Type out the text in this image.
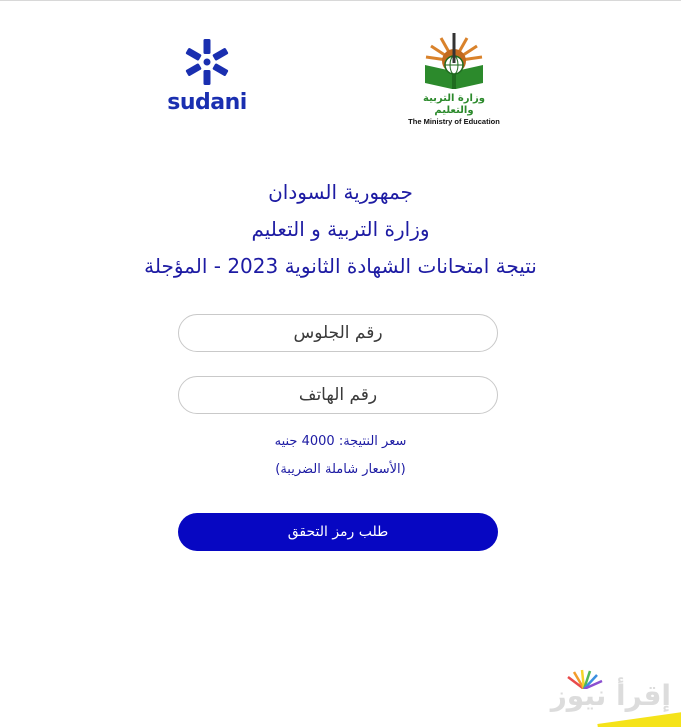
sudani	وزارة التربية والتعليم
The Ministry of Education
جمهورية السودان
وزارة التربية و التعليم
نتيجة امتحانات الشهادة الثانوية 2023 - المؤجلة
رقم الجلوس
رقم الهاتف
سعر النتيجة: 4000 جنيه
(الأسعار شاملة الضريبة)
طلب رمز التحقق
إقرأ نيوز
